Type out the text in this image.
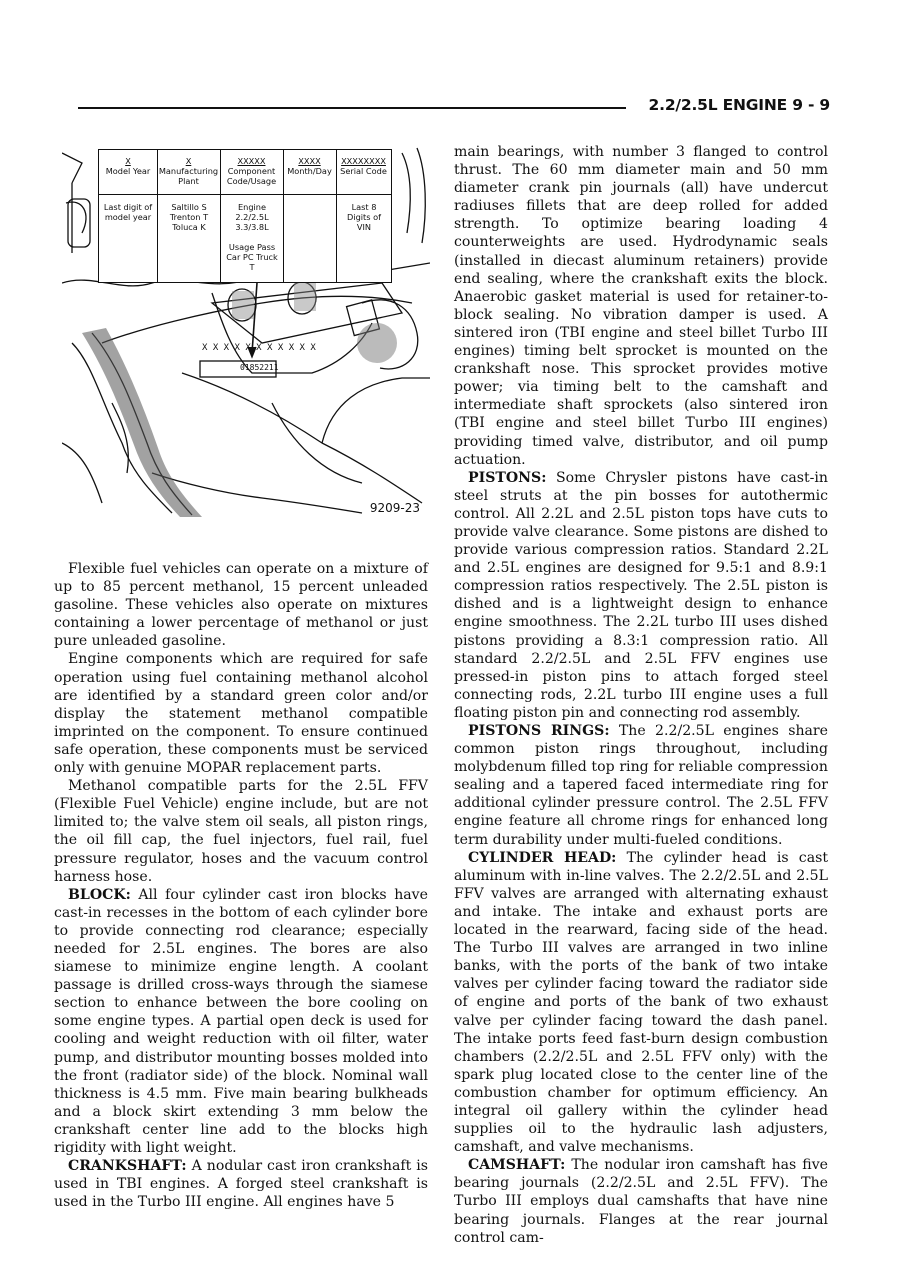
2.2/2.5L ENGINE 9 - 9
X X X X X X X X X X X
01852211
X
Model Year
X
Manufacturing Plant
XXXXX
Component Code/Usage
XXXX
Month/Day
XXXXXXXX
Serial Code
Last digit of model year
Saltillo S Trenton T Toluca K
Engine 2.2/2.5L 3.3/3.8L
Usage Pass Car PC Truck T
Last 8 Digits of VIN
9209-23

Flexible fuel vehicles can operate on a mixture of up to 85 percent methanol, 15 percent unleaded gasoline. These vehicles also operate on mixtures containing a lower percentage of methanol or just pure unleaded gasoline.

Engine components which are required for safe operation using fuel containing methanol alcohol are identified by a standard green color and/or display the statement methanol compatible imprinted on the component. To ensure continued safe operation, these components must be serviced only with genuine MOPAR replacement parts.

Methanol compatible parts for the 2.5L FFV (Flexible Fuel Vehicle) engine include, but are not limited to; the valve stem oil seals, all piston rings, the oil fill cap, the fuel injectors, fuel rail, fuel pressure regulator, hoses and the vacuum control harness hose.

BLOCK: All four cylinder cast iron blocks have cast-in recesses in the bottom of each cylinder bore to provide connecting rod clearance; especially needed for 2.5L engines. The bores are also siamese to minimize engine length. A coolant passage is drilled cross-ways through the siamese section to enhance between the bore cooling on some engine types. A partial open deck is used for cooling and weight reduction with oil filter, water pump, and distributor mounting bosses molded into the front (radiator side) of the block. Nominal wall thickness is 4.5 mm. Five main bearing bulkheads and a block skirt extending 3 mm below the crankshaft center line add to the blocks high rigidity with light weight.

CRANKSHAFT: A nodular cast iron crankshaft is used in TBI engines. A forged steel crankshaft is used in the Turbo III engine. All engines have 5

main bearings, with number 3 flanged to control thrust. The 60 mm diameter main and 50 mm diameter crank pin journals (all) have undercut radiuses fillets that are deep rolled for added strength. To optimize bearing loading 4 counterweights are used. Hydrodynamic seals (installed in diecast aluminum retainers) provide end sealing, where the crankshaft exits the block. Anaerobic gasket material is used for retainer-to-block sealing. No vibration damper is used. A sintered iron (TBI engine and steel billet Turbo III engines) timing belt sprocket is mounted on the crankshaft nose. This sprocket provides motive power; via timing belt to the camshaft and intermediate shaft sprockets (also sintered iron (TBI engine and steel billet Turbo III engines) providing timed valve, distributor, and oil pump actuation.

PISTONS: Some Chrysler pistons have cast-in steel struts at the pin bosses for autothermic control. All 2.2L and 2.5L piston tops have cuts to provide valve clearance. Some pistons are dished to provide various compression ratios. Standard 2.2L and 2.5L engines are designed for 9.5:1 and 8.9:1 compression ratios respectively. The 2.5L piston is dished and is a lightweight design to enhance engine smoothness. The 2.2L turbo III uses dished pistons providing a 8.3:1 compression ratio. All standard 2.2/2.5L and 2.5L FFV engines use pressed-in piston pins to attach forged steel connecting rods, 2.2L turbo III engine uses a full floating piston pin and connecting rod assembly.

PISTONS RINGS: The 2.2/2.5L engines share common piston rings throughout, including molybdenum filled top ring for reliable compression sealing and a tapered faced intermediate ring for additional cylinder pressure control. The 2.5L FFV engine feature all chrome rings for enhanced long term durability under multi-fueled conditions.

CYLINDER HEAD: The cylinder head is cast aluminum with in-line valves. The 2.2/2.5L and 2.5L FFV valves are arranged with alternating exhaust and intake. The intake and exhaust ports are located in the rearward, facing side of the head. The Turbo III valves are arranged in two inline banks, with the ports of the bank of two intake valves per cylinder facing toward the radiator side of engine and ports of the bank of two exhaust valve per cylinder facing toward the dash panel. The intake ports feed fast-burn design combustion chambers (2.2/2.5L and 2.5L FFV only) with the spark plug located close to the center line of the combustion chamber for optimum efficiency. An integral oil gallery within the cylinder head supplies oil to the hydraulic lash adjusters, camshaft, and valve mechanisms.

CAMSHAFT: The nodular iron camshaft has five bearing journals (2.2/2.5L and 2.5L FFV). The Turbo III employs dual camshafts that have nine bearing journals. Flanges at the rear journal control cam-
